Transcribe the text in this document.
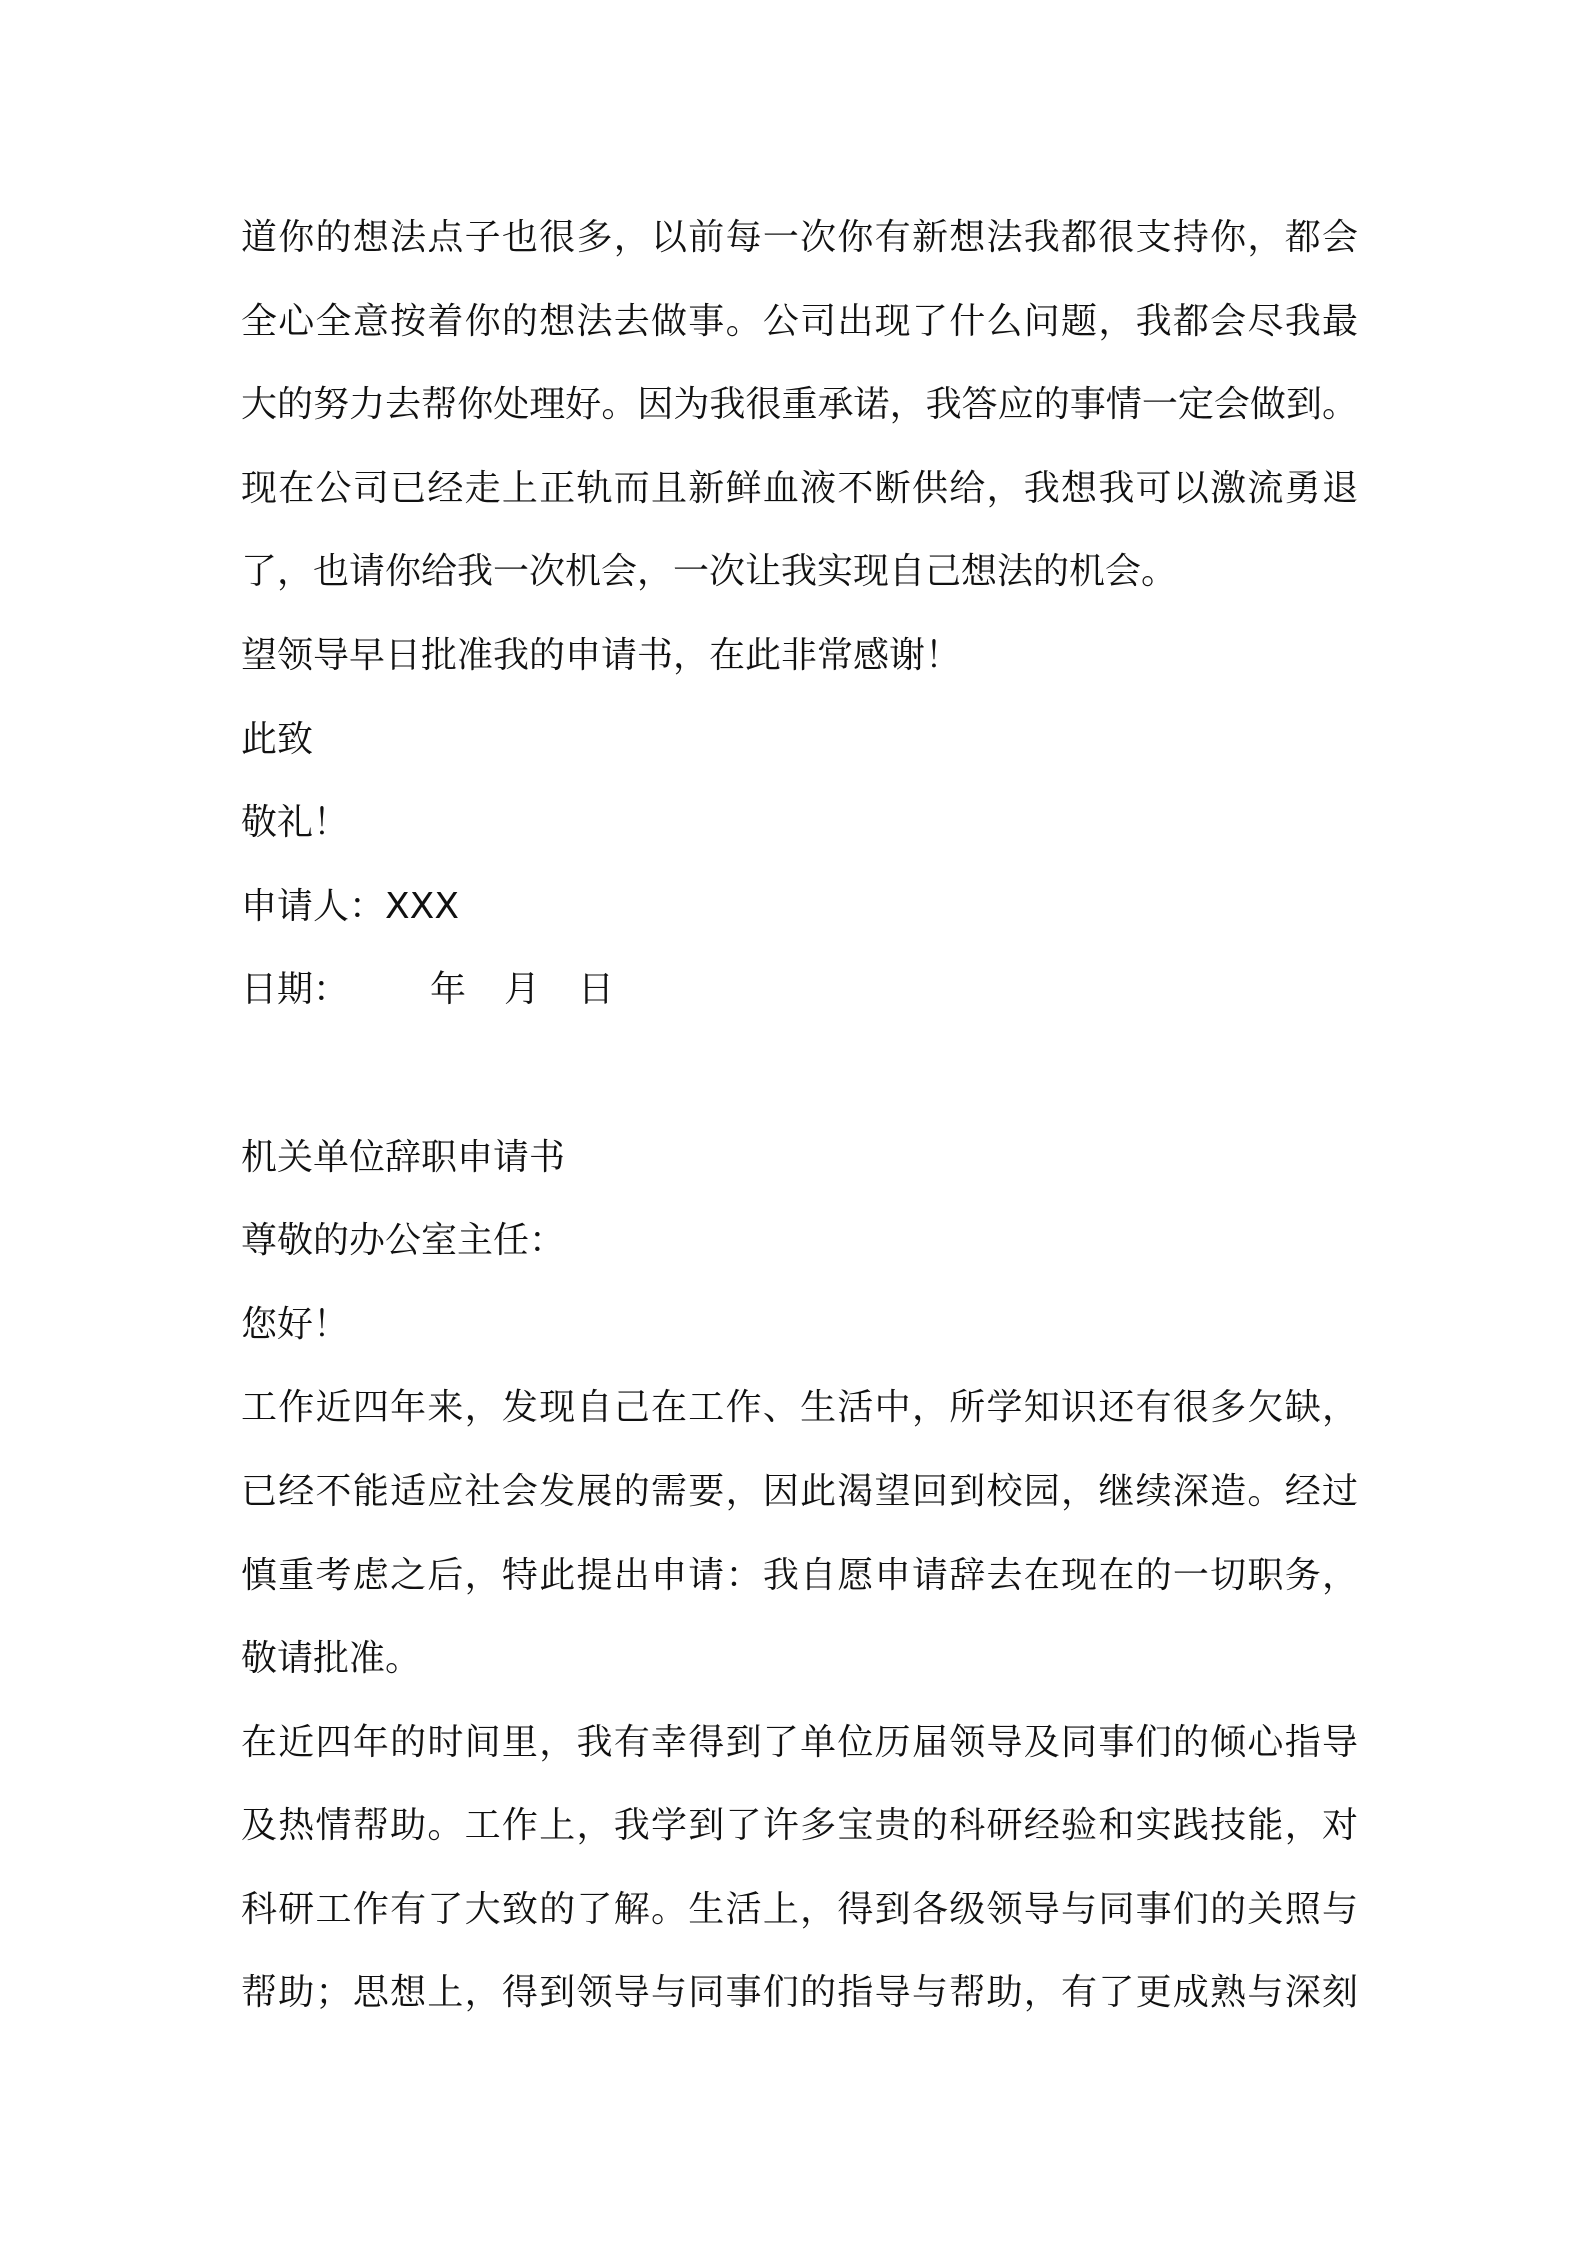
道你的想法点子也很多，以前每一次你有新想法我都很支持你，都会
全心全意按着你的想法去做事。公司出现了什么问题，我都会尽我最
大的努力去帮你处理好。因为我很重承诺，我答应的事情一定会做到。
现在公司已经走上正轨而且新鲜血液不断供给，我想我可以激流勇退
了，也请你给我一次机会，一次让我实现自己想法的机会。
望领导早日批准我的申请书，在此非常感谢！
此致
敬礼！
申请人：XXX
日期： 年 月 日
机关单位辞职申请书
尊敬的办公室主任：
您好！
工作近四年来，发现自己在工作、生活中，所学知识还有很多欠缺，
已经不能适应社会发展的需要，因此渴望回到校园，继续深造。经过
慎重考虑之后，特此提出申请：我自愿申请辞去在现在的一切职务，
敬请批准。
在近四年的时间里，我有幸得到了单位历届领导及同事们的倾心指导
及热情帮助。工作上，我学到了许多宝贵的科研经验和实践技能，对
科研工作有了大致的了解。生活上，得到各级领导与同事们的关照与
帮助；思想上，得到领导与同事们的指导与帮助，有了更成熟与深刻
